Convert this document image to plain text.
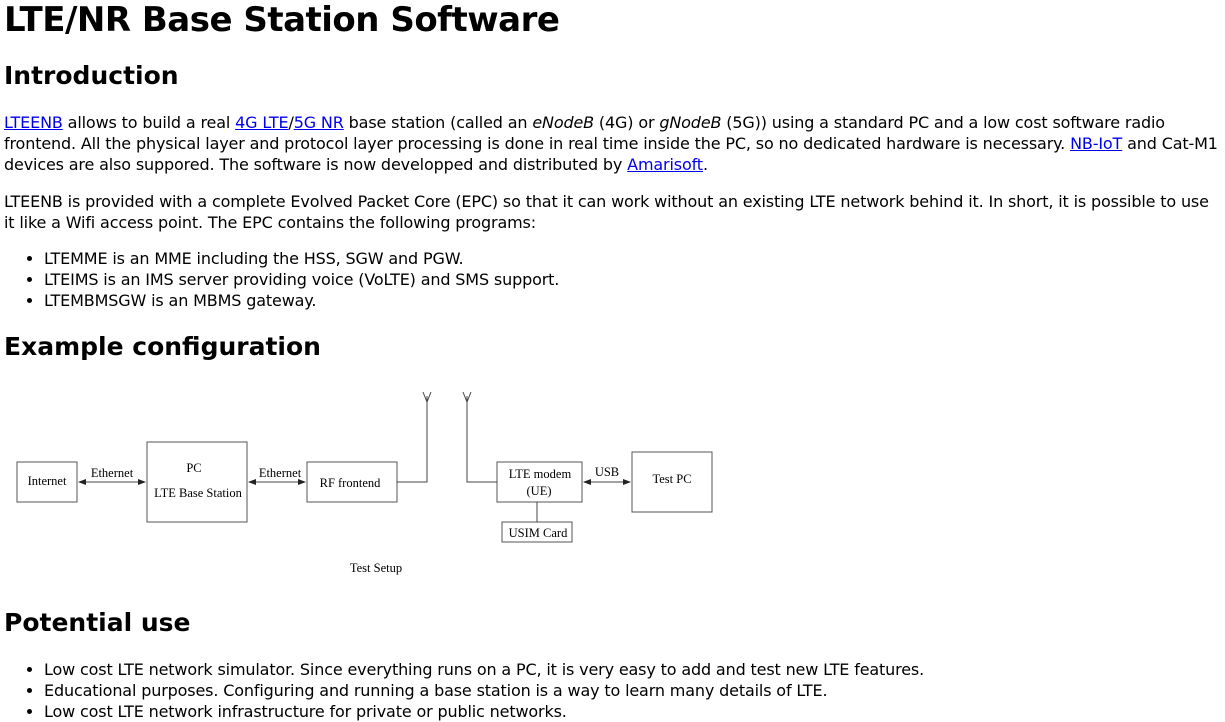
LTE/NR Base Station Software
Introduction

LTEENB allows to build a real 4G LTE/5G NR base station (called an eNodeB (4G) or gNodeB (5G)) using a standard PC and a low cost software radio frontend. All the physical layer and protocol layer processing is done in real time inside the PC, so no dedicated hardware is necessary. NB-IoT and Cat-M1 devices are also suppored. The software is now developped and distributed by Amarisoft.

LTEENB is provided with a complete Evolved Packet Core (EPC) so that it can work without an existing LTE network behind it. In short, it is possible to use it like a Wifi access point. The EPC contains the following programs:

• LTEMME is an MME including the HSS, SGW and PGW.
• LTEIMS is an IMS server providing voice (VoLTE) and SMS support.
• LTEMBMSGW is an MBMS gateway.
Example configuration
Internet
Ethernet	PC
LTE Base Station
Ethernet
RF frontend
LTE modem
(UE)
USB	Test PC
USIM Card
Test Setup
Potential use
• Low cost LTE network simulator. Since everything runs on a PC, it is very easy to add and test new LTE features.
• Educational purposes. Configuring and running a base station is a way to learn many details of LTE.
• Low cost LTE network infrastructure for private or public networks.
